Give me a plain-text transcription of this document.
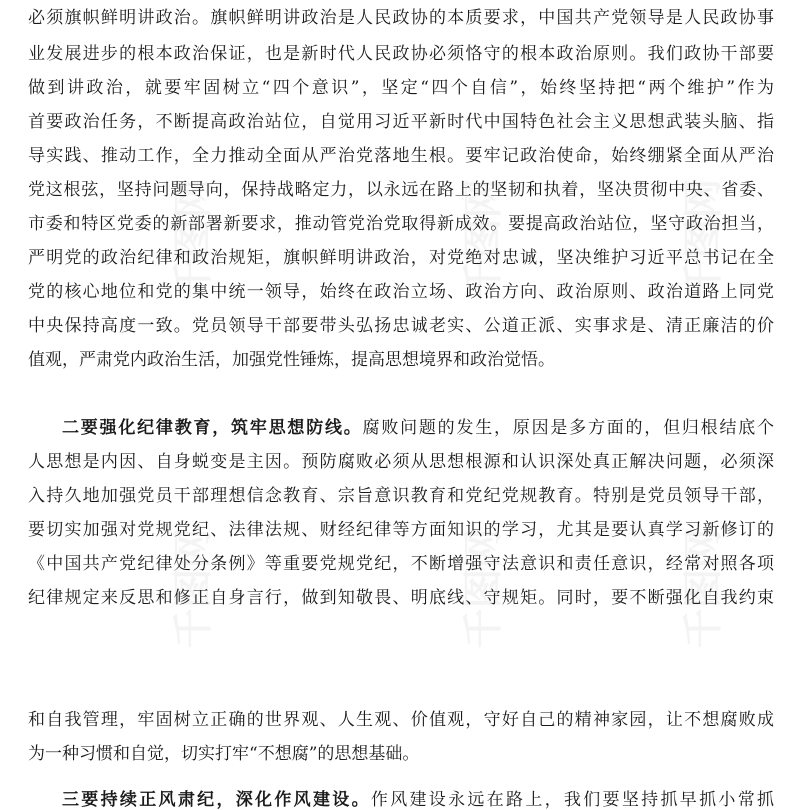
必须旗帜鲜明讲政治。旗帜鲜明讲政治是人民政协的本质要求，中国共产党领导是人民政协事
业发展进步的根本政治保证，也是新时代人民政协必须恪守的根本政治原则。我们政协干部要
做到讲政治，就要牢固树立“四个意识”，坚定“四个自信”，始终坚持把“两个维护”作为
首要政治任务，不断提高政治站位，自觉用习近平新时代中国特色社会主义思想武装头脑、指
导实践、推动工作，全力推动全面从严治党落地生根。要牢记政治使命，始终绷紧全面从严治
党这根弦，坚持问题导向，保持战略定力，以永远在路上的坚韧和执着，坚决贯彻中央、省委、
市委和特区党委的新部署新要求，推动管党治党取得新成效。要提高政治站位，坚守政治担当，
严明党的政治纪律和政治规矩，旗帜鲜明讲政治，对党绝对忠诚，坚决维护习近平总书记在全
党的核心地位和党的集中统一领导，始终在政治立场、政治方向、政治原则、政治道路上同党
中央保持高度一致。党员领导干部要带头弘扬忠诚老实、公道正派、实事求是、清正廉洁的价
值观，严肃党内政治生活，加强党性锤炼，提高思想境界和政治觉悟。
二要强化纪律教育，筑牢思想防线。腐败问题的发生，原因是多方面的，但归根结底个
人思想是内因、自身蜕变是主因。预防腐败必须从思想根源和认识深处真正解决问题，必须深
入持久地加强党员干部理想信念教育、宗旨意识教育和党纪党规教育。特别是党员领导干部，
要切实加强对党规党纪、法律法规、财经纪律等方面知识的学习，尤其是要认真学习新修订的
《中国共产党纪律处分条例》等重要党规党纪，不断增强守法意识和责任意识，经常对照各项
纪律规定来反思和修正自身言行，做到知敬畏、明底线、守规矩。同时，要不断强化自我约束
和自我管理，牢固树立正确的世界观、人生观、价值观，守好自己的精神家园，让不想腐败成
为一种习惯和自觉，切实打牢“不想腐”的思想基础。
三要持续正风肃纪，深化作风建设。作风建设永远在路上，我们要坚持抓早抓小常抓
千图网	千图网	千图网
千图网	千图网	千图网
